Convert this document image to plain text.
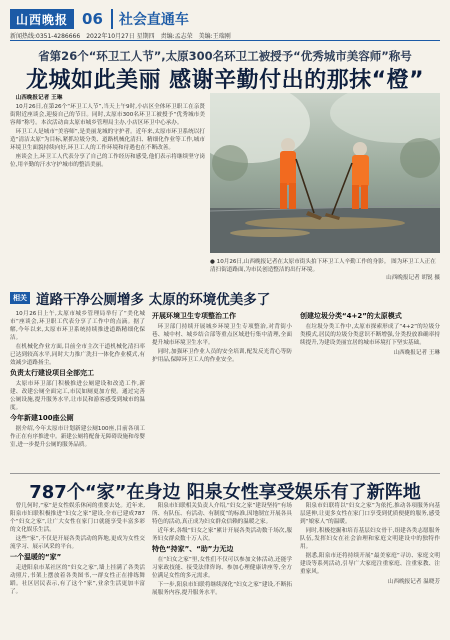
山西晚报 06	社会直通车
新闻热线:0351-4286666 2022年10月27日 星期四 责编:孟志荣 美编:王瑞刚
省第26个“环卫工人节”,太原300名环卫工被授予“优秀城市美容师”称号
龙城如此美丽 感谢辛勤付出的那抹“橙”

山西晚报记者 王琳

10月26日,在第26个“环卫工人节”,当天上午9时,小店区全体环卫职工在亲贤街附近座谈会,迎接自己的节日。同时,太原市300名环卫工被授予“优秀城市美容师”称号。本次活动由太原市城乡管理局主办,小店区环卫中心承办。

环卫工人是城市“美容师”,是美丽龙城的守护者。近年来,太原市环卫系统以打造“清洁太原”为目标,紧抓垃圾分类、道路机械化清扫、精细化作业等工作,城市环境卫生面貌持续向好,环卫工人的工作环境和待遇也在不断改善。

座谈会上,环卫工人代表分享了自己的工作经历和感受,他们表示将继续坚守岗位,用辛勤的汗水守护城市的整洁美丽。

● 10月26日,山西晚报记者在太原市街头拍下环卫工人辛勤工作的身影。 图为环卫工人正在清扫街道路面,为市民创造整洁的出行环境。
山西晚报记者 胡锐 摄
相关 道路干净公厕增多 太原的环境优美多了

10月26日上午,太原市城乡管理局举行了“美化城市”座谈会,环卫职工代表分享了工作中的点滴。据了解,今年以来,太原市环卫系统持续推进道路精细化保洁。

在机械化作业方面,目前全市主次干道机械化清扫率已达到较高水平,同时大力推广洗扫一体化作业模式,有效减少道路扬尘。

负责太行建设项目全部完工

太原市环卫部门积极推进公厕建设和改造工作,新建、改建公厕全面完工,市民如厕更加方便。通过完善公厕设施,提升服务水平,让市民和游客感受到城市的温度。

今年新建100座公厕

据介绍,今年太原市计划新建公厕100座,目前各项工作正在有序推进中。新建公厕将配备无障碍设施和母婴室,进一步提升公厕的服务品质。

开展环境卫生专项整治工作

环卫部门持续开展城乡环境卫生专项整治,对背街小巷、城中村、城乡结合部等重点区域进行集中清理,全面提升城市环境卫生水平。

同时,加强环卫作业人员的安全培训,配发反光背心等防护用品,保障环卫工人的作业安全。

创建垃圾分类“4+2”的太原模式

在垃圾分类工作中,太原市探索形成了“4+2”的垃圾分类模式,居民的垃圾分类意识不断增强,分类投放准确率持续提升,为建设美丽宜居的城市环境打下坚实基础。

山西晚报记者 王琳
787个“家”在身边 阳泉女性享受娱乐有了新阵地

曾几何时,“家”是女性娱乐休闲的重要去处。近年来,阳泉市妇联积极推进“妇女之家”建设,全市已建成787个“妇女之家”,让广大女性在家门口就能享受丰富多彩的文化娱乐生活。

这些“家”,不仅是开展各类活动的阵地,更成为女性交流学习、展示风采的平台。

一个温暖的“家”

走进阳泉市某社区的“妇女之家”,墙上挂满了各类活动照片,书架上摆放着各类图书,一群女性正在排练舞蹈。社区居民表示,有了这个“家”,业余生活更加丰富了。

阳泉市妇联相关负责人介绍,“妇女之家”建设坚持“有场所、有队伍、有活动、有制度”的标准,因地制宜开展各具特色的活动,真正成为妇女群众信赖的温暖之家。

近年来,各级“妇女之家”累计开展各类活动数千场次,服务妇女群众数十万人次。

特色“持家”、“助”力无边

在“妇女之家”里,女性们不仅可以参加文体活动,还能学习家政技能、接受法律咨询、参加心理健康讲座等,全方位满足女性的多元需求。

下一步,阳泉市妇联将继续深化“妇女之家”建设,不断拓展服务内容,提升服务水平。

阳泉市妇联将以“妇女之家”为依托,推动各项服务向基层延伸,让更多女性在家门口享受到优质便捷的服务,感受到“娘家人”的温暖。

同时,积极挖掘和培育基层妇女骨干,组建各类志愿服务队伍,发挥妇女在社会治理和家庭文明建设中的独特作用。

据悉,阳泉市还将持续开展“最美家庭”寻访、家庭文明建设等系列活动,引导广大家庭注重家庭、注重家教、注重家风。

山西晚报记者 温晓芳
